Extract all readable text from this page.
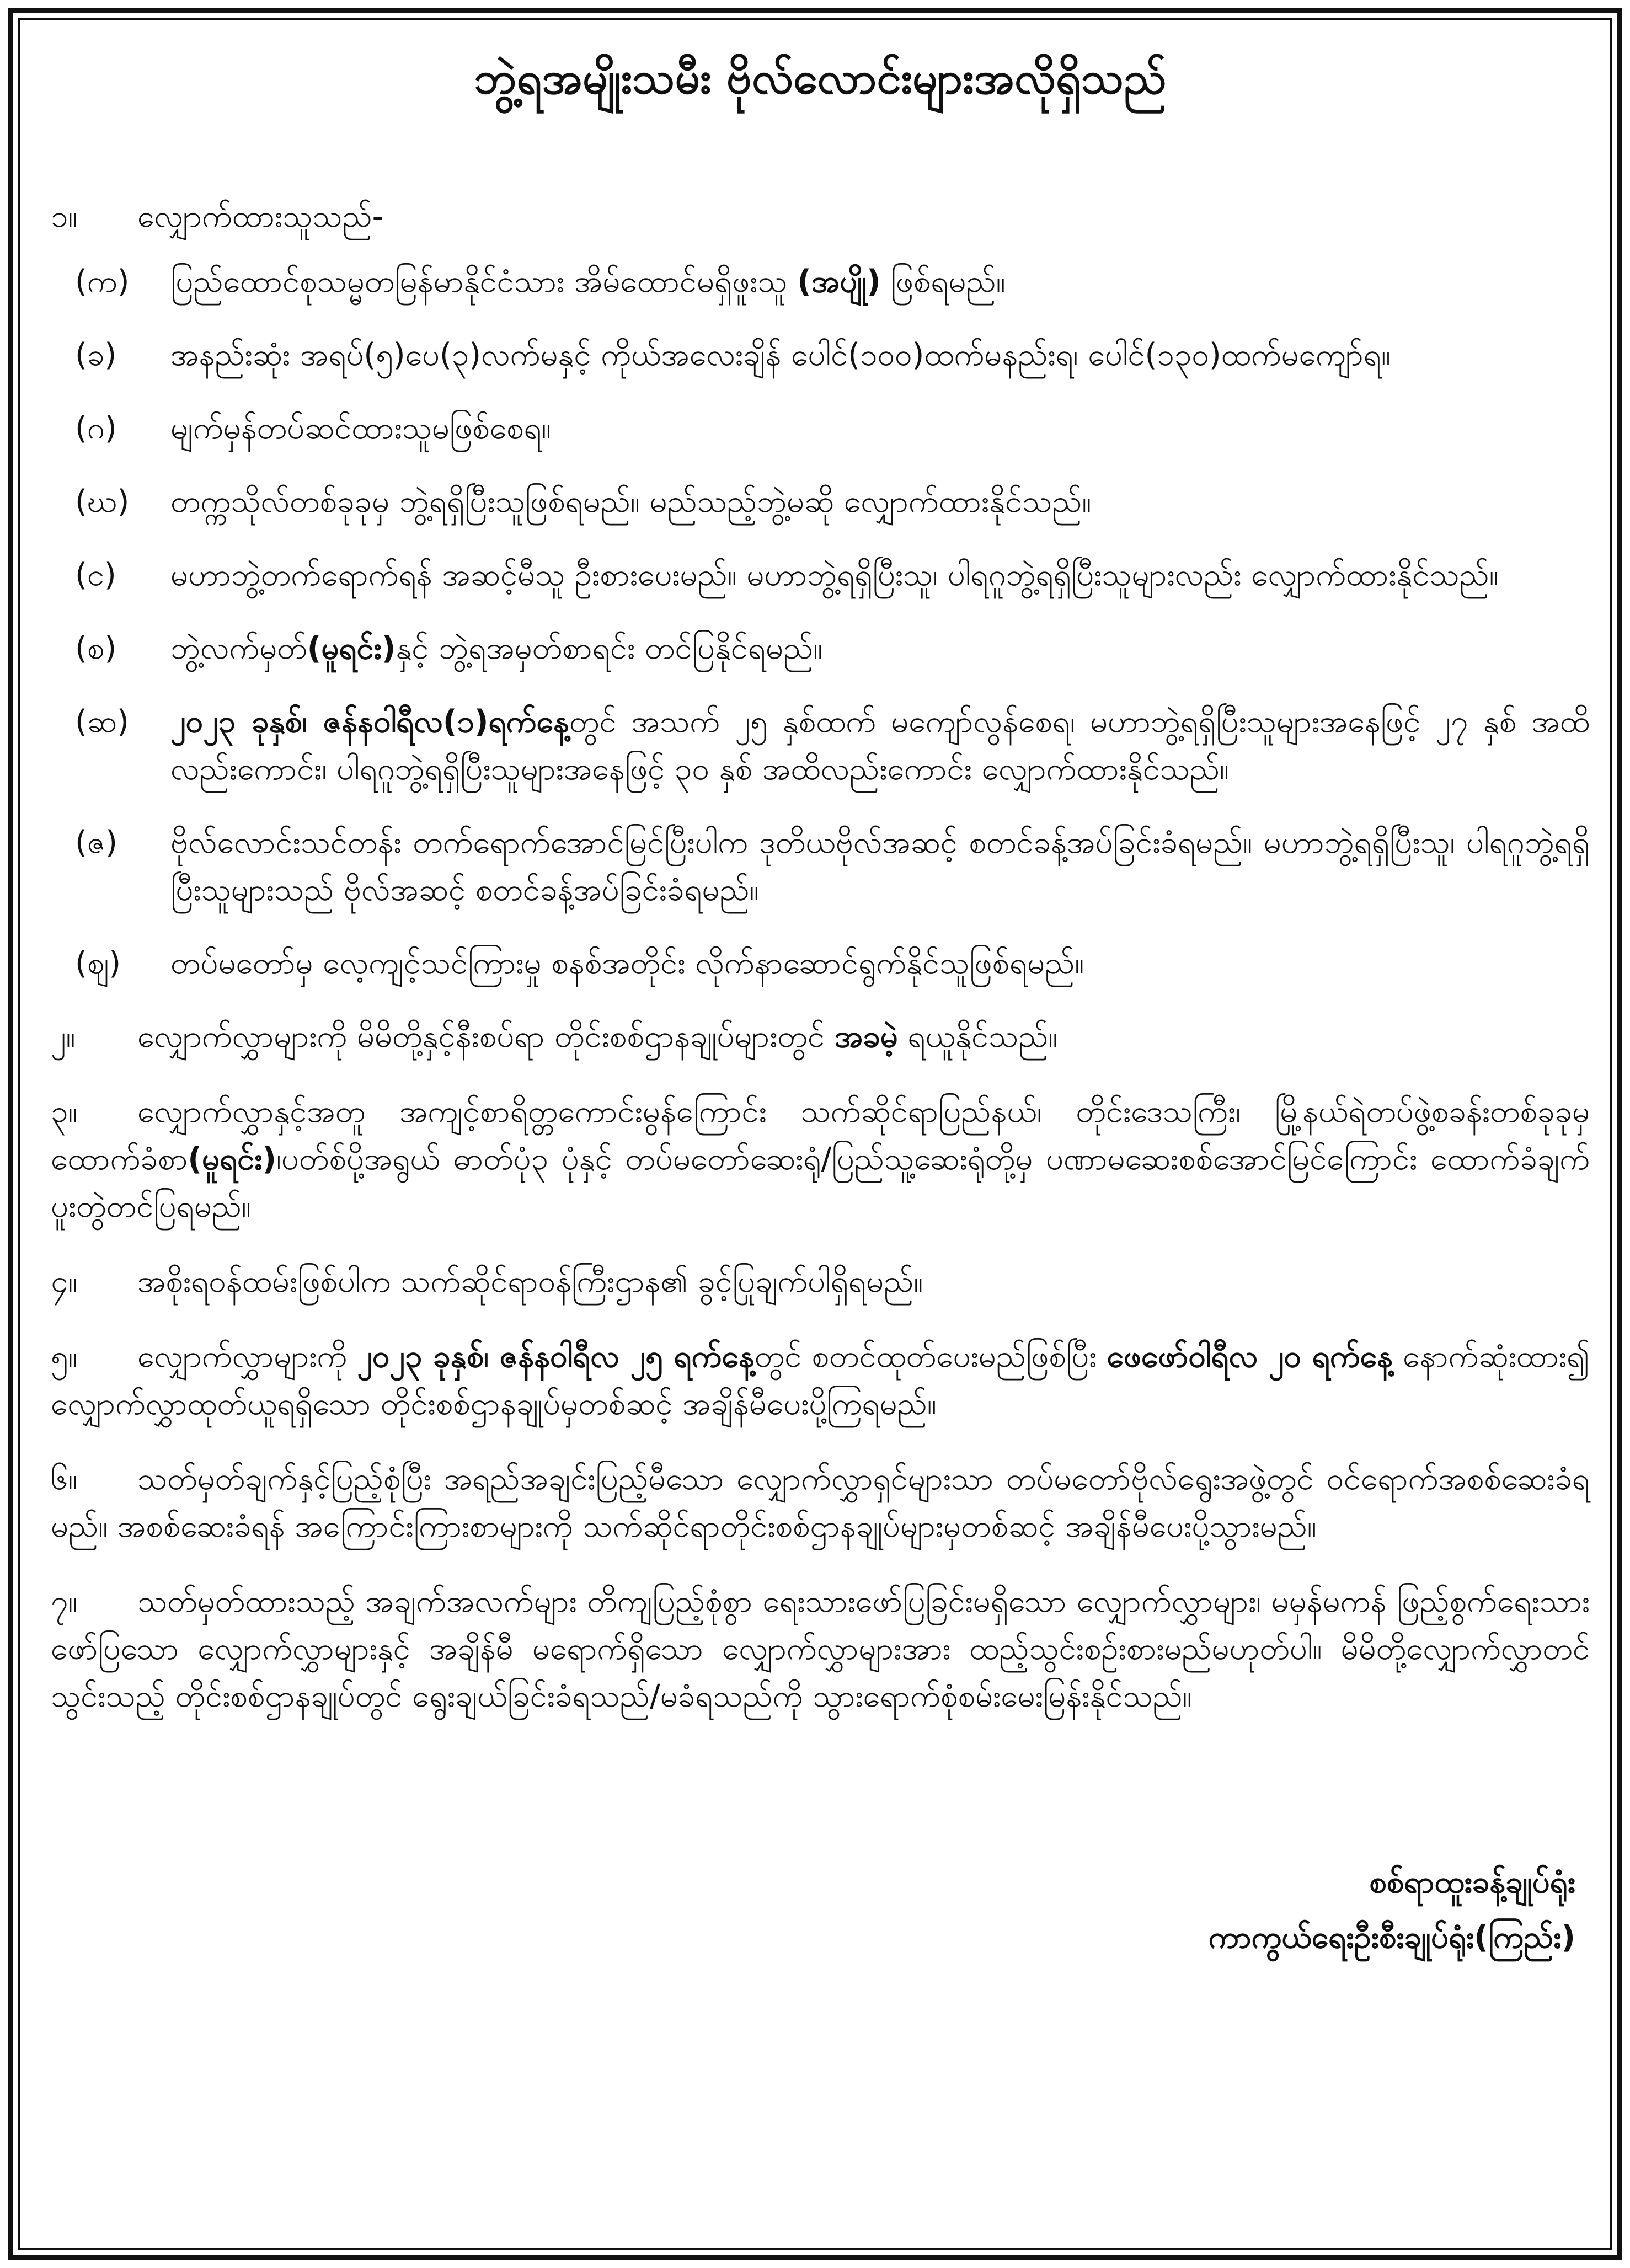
ဘွဲ့ရအမျိုးသမီး ဗိုလ်လောင်းများအလိုရှိသည်

၁။ လျှောက်ထားသူသည်-

(က)	ပြည်ထောင်စုသမ္မတမြန်မာနိုင်ငံသား အိမ်ထောင်မရှိဖူးသူ (အပျို) ဖြစ်ရမည်။
(ခ)	အနည်းဆုံး အရပ်(၅)ပေ(၃)လက်မနှင့် ကိုယ်အလေးချိန် ပေါင်(၁၀၀)ထက်မနည်းရ၊ ပေါင်(၁၃၀)ထက်မကျော်ရ။
(ဂ)	မျက်မှန်တပ်ဆင်ထားသူမဖြစ်စေရ။
(ဃ)	တက္ကသိုလ်တစ်ခုခုမှ ဘွဲ့ရရှိပြီးသူဖြစ်ရမည်။ မည်သည့်ဘွဲ့မဆို လျှောက်ထားနိုင်သည်။
(င)	မဟာဘွဲ့တက်ရောက်ရန် အဆင့်မီသူ ဦးစားပေးမည်။ မဟာဘွဲ့ရရှိပြီးသူ၊ ပါရဂူဘွဲ့ရရှိပြီးသူများလည်း လျှောက်ထားနိုင်သည်။
(စ)	ဘွဲ့လက်မှတ်(မူရင်း)နှင့် ဘွဲ့ရအမှတ်စာရင်း တင်ပြနိုင်ရမည်။
(ဆ)	၂၀၂၃ ခုနှစ်၊ ဇန်နဝါရီလ(၁)ရက်နေ့တွင် အသက် ၂၅ နှစ်ထက် မကျော်လွန်စေရ၊ မဟာဘွဲ့ရရှိပြီးသူများအနေဖြင့် ၂၇ နှစ် အထိလည်းကောင်း၊ ပါရဂူဘွဲ့ရရှိပြီးသူများအနေဖြင့် ၃၀ နှစ် အထိလည်းကောင်း လျှောက်ထားနိုင်သည်။
(ဇ)	ဗိုလ်လောင်းသင်တန်း တက်ရောက်အောင်မြင်ပြီးပါက ဒုတိယဗိုလ်အဆင့် စတင်ခန့်အပ်ခြင်းခံရမည်။ မဟာဘွဲ့ရရှိပြီးသူ၊ ပါရဂူဘွဲ့ရရှိပြီးသူများသည် ဗိုလ်အဆင့် စတင်ခန့်အပ်ခြင်းခံရမည်။
(ဈ)	တပ်မတော်မှ လေ့ကျင့်သင်ကြားမှု စနစ်အတိုင်း လိုက်နာဆောင်ရွက်နိုင်သူဖြစ်ရမည်။

၂။ လျှောက်လွှာများကို မိမိတို့နှင့်နီးစပ်ရာ တိုင်းစစ်ဌာနချုပ်များတွင် အခမဲ့ ရယူနိုင်သည်။

၃။ လျှောက်လွှာနှင့်အတူ အကျင့်စာရိတ္တကောင်းမွန်ကြောင်း သက်ဆိုင်ရာပြည်နယ်၊ တိုင်းဒေသကြီး၊ မြို့နယ်ရဲတပ်ဖွဲ့စခန်းတစ်ခုခုမှထောက်ခံစာ(မူရင်း)၊ပတ်စ်ပို့အရွယ် ဓာတ်ပုံ၃ ပုံနှင့် တပ်မတော်ဆေးရုံ/ပြည်သူ့ဆေးရုံတို့မှ ပဏာမဆေးစစ်အောင်မြင်ကြောင်း ထောက်ခံချက် ပူးတွဲတင်ပြရမည်။

၄။ အစိုးရဝန်ထမ်းဖြစ်ပါက သက်ဆိုင်ရာဝန်ကြီးဌာန၏ ခွင့်ပြုချက်ပါရှိရမည်။

၅။ လျှောက်လွှာများကို ၂၀၂၃ ခုနှစ်၊ ဇန်နဝါရီလ ၂၅ ရက်နေ့တွင် စတင်ထုတ်ပေးမည်ဖြစ်ပြီး ဖေဖော်ဝါရီလ ၂၀ ရက်နေ့ နောက်ဆုံးထား၍ လျှောက်လွှာထုတ်ယူရရှိသော တိုင်းစစ်ဌာနချုပ်မှတစ်ဆင့် အချိန်မီပေးပို့ကြရမည်။

၆။ သတ်မှတ်ချက်နှင့်ပြည့်စုံပြီး အရည်အချင်းပြည့်မီသော လျှောက်လွှာရှင်များသာ တပ်မတော်ဗိုလ်ရွေးအဖွဲ့တွင် ဝင်ရောက်အစစ်ဆေးခံရမည်။ အစစ်ဆေးခံရန် အကြောင်းကြားစာများကို သက်ဆိုင်ရာတိုင်းစစ်ဌာနချုပ်များမှတစ်ဆင့် အချိန်မီပေးပို့သွားမည်။

၇။ သတ်မှတ်ထားသည့် အချက်အလက်များ တိကျပြည့်စုံစွာ ရေးသားဖော်ပြခြင်းမရှိသော လျှောက်လွှာများ၊ မမှန်မကန် ဖြည့်စွက်ရေးသားဖော်ပြသော လျှောက်လွှာများနှင့် အချိန်မီ မရောက်ရှိသော လျှောက်လွှာများအား ထည့်သွင်းစဉ်းစားမည်မဟုတ်ပါ။ မိမိတို့လျှောက်လွှာတင်သွင်းသည့် တိုင်းစစ်ဌာနချုပ်တွင် ရွေးချယ်ခြင်းခံရသည်/မခံရသည်ကို သွားရောက်စုံစမ်းမေးမြန်းနိုင်သည်။

စစ်ရာထူးခန့်ချုပ်ရုံး
ကာကွယ်ရေးဦးစီးချုပ်ရုံး(ကြည်း)
